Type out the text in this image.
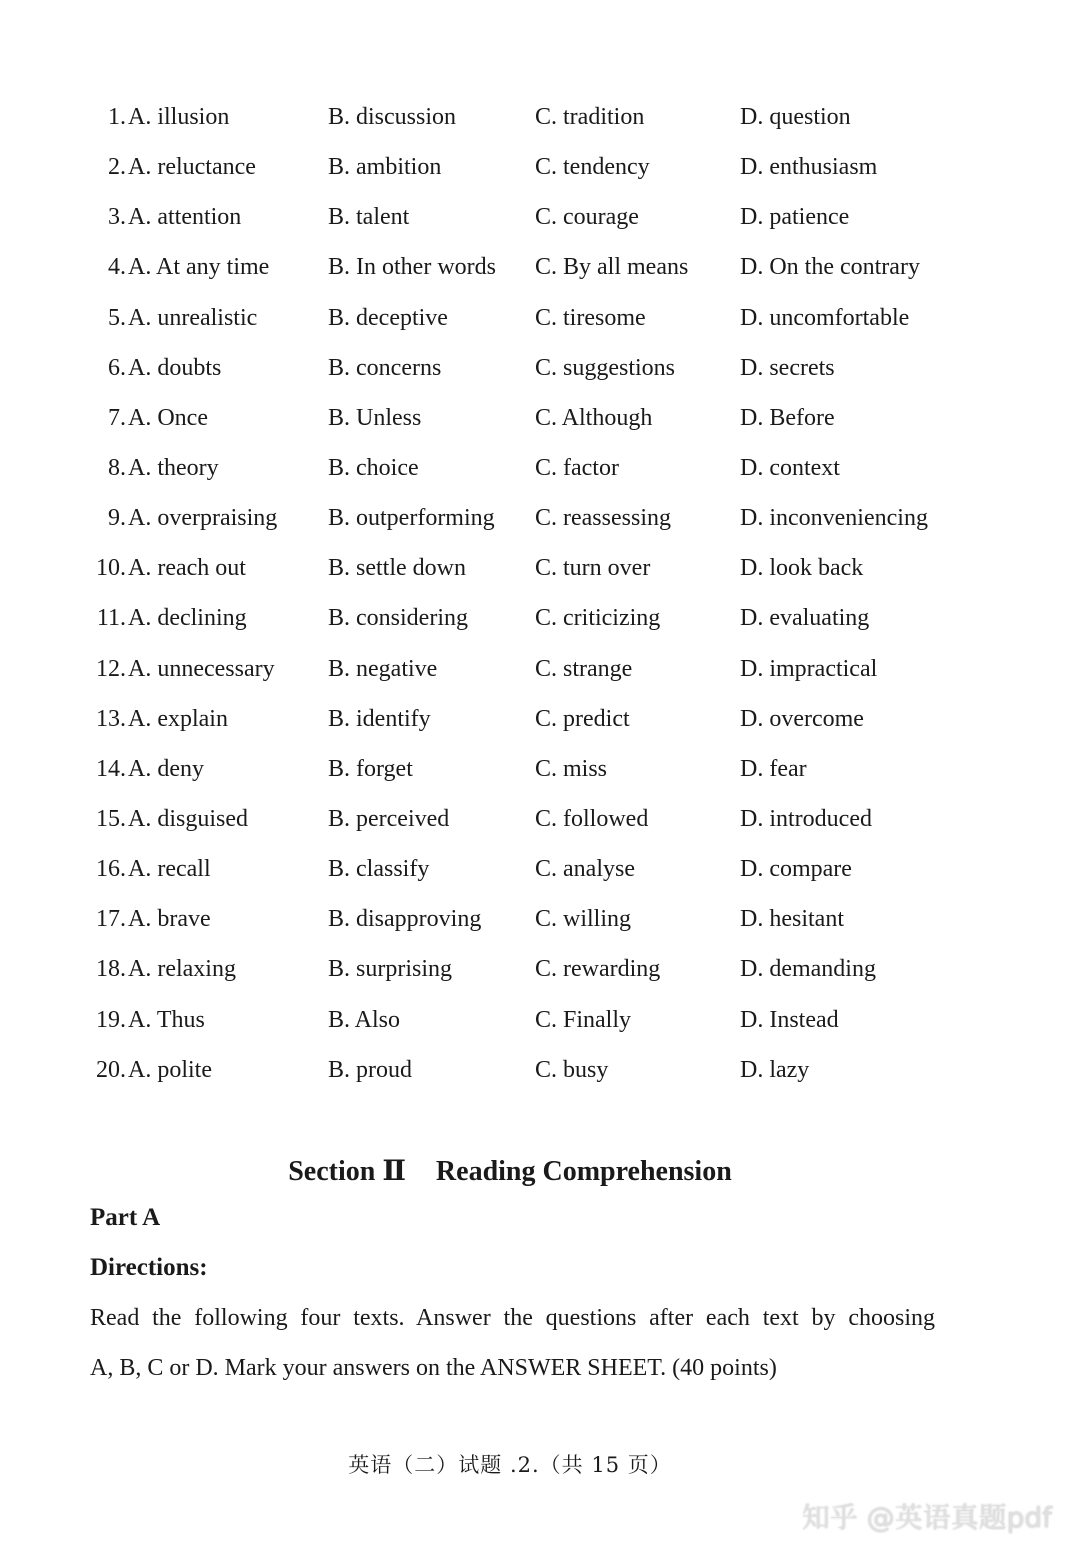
1. A. illusion	B. discussion	C. tradition	D. question
2. A. reluctance	B. ambition	C. tendency	D. enthusiasm
3. A. attention	B. talent	C. courage	D. patience
4. A. At any time B. In other words C. By all means D. On the contrary
5. A. unrealistic	B. deceptive	C. tiresome	D. uncomfortable
6. A. doubts	B. concerns	C. suggestions	D. secrets
7. A. Once	B. Unless	C. Although	D. Before
8. A. theory	B. choice	C. factor	D. context
9. A. overpraising B. outperforming C. reassessing	D. inconveniencing
10. A. reach out	B. settle down	C. turn over	D. look back
11. A. declining	B. considering	C. criticizing	D. evaluating
12. A. unnecessary B. negative	C. strange	D. impractical
13. A. explain	B. identify	C. predict	D. overcome
14. A. deny	B. forget	C. miss	D. fear
15. A. disguised	B. perceived	C. followed	D. introduced
16. A. recall	B. classify	C. analyse	D. compare
17. A. brave	B. disapproving C. willing	D. hesitant
18. A. relaxing	B. surprising	C. rewarding	D. demanding
19. A. Thus	B. Also	C. Finally	D. Instead
20. A. polite	B. proud	C. busy	D. lazy
Section Ⅱ Reading Comprehension
Part A
Directions:
Read the following four texts. Answer the questions after each text by choosing
A, B, C or D. Mark your answers on the ANSWER SHEET. (40 points)
英语（二）试题 .2.（共 15 页）
知乎 @英语真题pdf
